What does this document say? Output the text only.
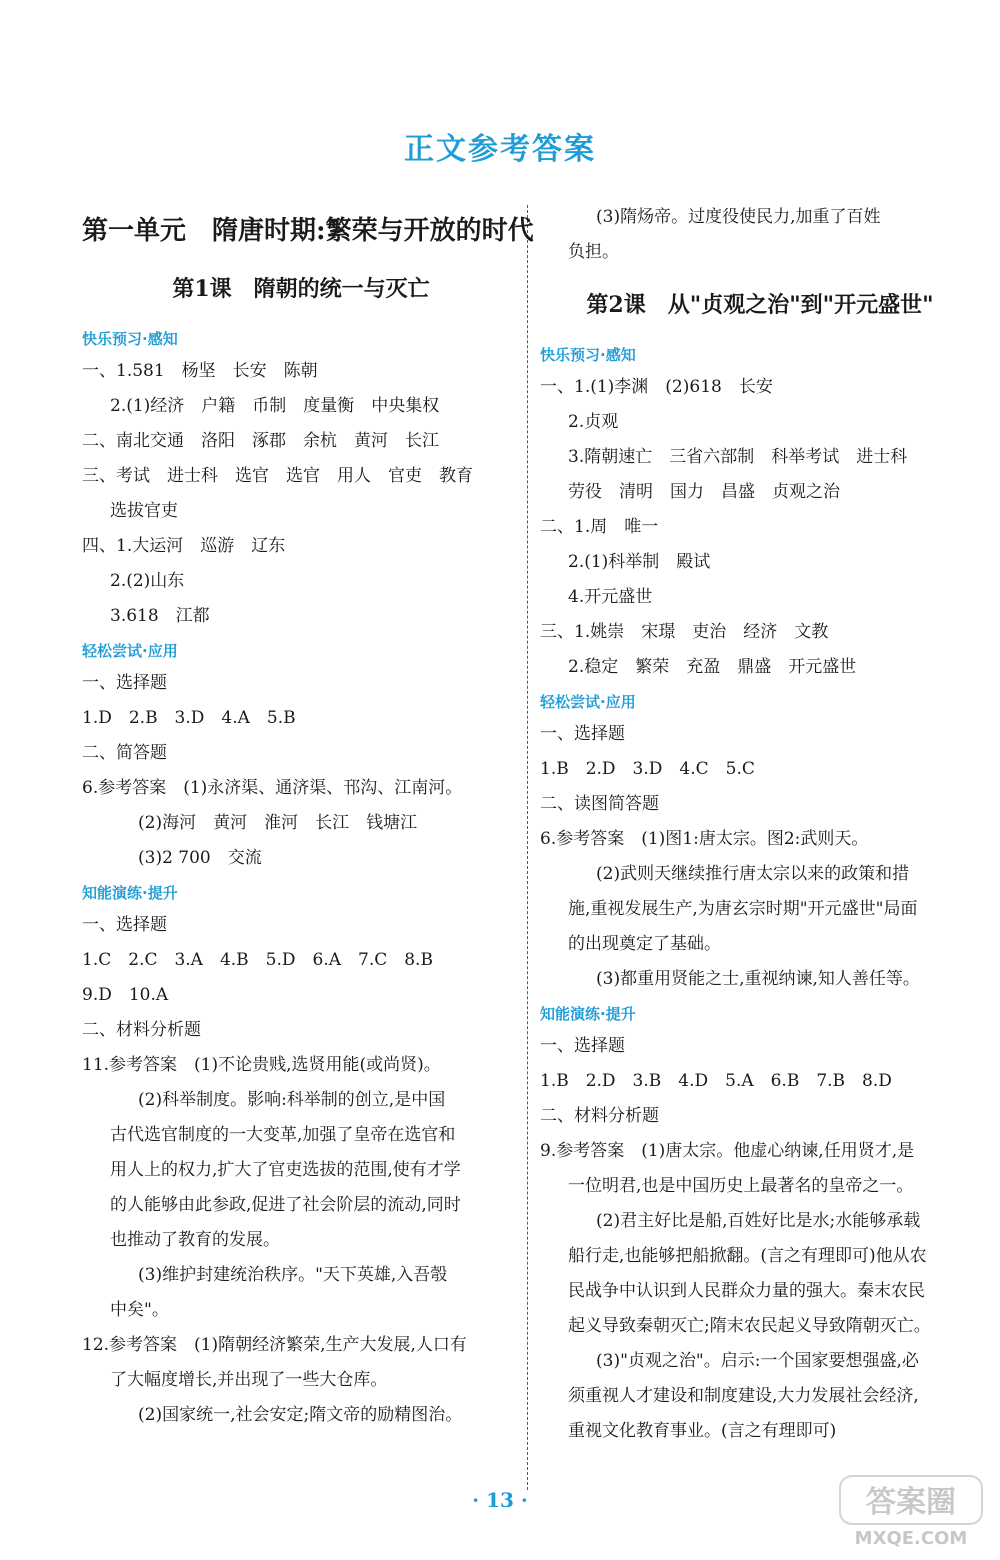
正文参考答案
第一单元　隋唐时期:繁荣与开放的时代
第1课　隋朝的统一与灭亡
快乐预习·感知
一、1.581　杨坚　长安　陈朝
2.(1)经济　户籍　币制　度量衡　中央集权
二、南北交通　洛阳　涿郡　余杭　黄河　长江
三、考试　进士科　选官　选官　用人　官吏　教育
选拔官吏
四、1.大运河　巡游　辽东
2.(2)山东
3.618　江都
轻松尝试·应用
一、选择题
1.D　2.B　3.D　4.A　5.B
二、简答题
6.参考答案　(1)永济渠、通济渠、邗沟、江南河。
(2)海河　黄河　淮河　长江　钱塘江
(3)2 700　交流
知能演练·提升
一、选择题
1.C　2.C　3.A　4.B　5.D　6.A　7.C　8.B
9.D　10.A
二、材料分析题
11.参考答案　(1)不论贵贱,选贤用能(或尚贤)。
(2)科举制度。影响:科举制的创立,是中国
古代选官制度的一大变革,加强了皇帝在选官和
用人上的权力,扩大了官吏选拔的范围,使有才学
的人能够由此参政,促进了社会阶层的流动,同时
也推动了教育的发展。
(3)维护封建统治秩序。"天下英雄,入吾彀
中矣"。
12.参考答案　(1)隋朝经济繁荣,生产大发展,人口有
了大幅度增长,并出现了一些大仓库。
(2)国家统一,社会安定;隋文帝的励精图治。
(3)隋炀帝。过度役使民力,加重了百姓
负担。
第2课　从"贞观之治"到"开元盛世"
快乐预习·感知
一、1.(1)李渊　(2)618　长安
2.贞观
3.隋朝速亡　三省六部制　科举考试　进士科
劳役　清明　国力　昌盛　贞观之治
二、1.周　唯一
2.(1)科举制　殿试
4.开元盛世
三、1.姚崇　宋璟　吏治　经济　文教
2.稳定　繁荣　充盈　鼎盛　开元盛世
轻松尝试·应用
一、选择题
1.B　2.D　3.D　4.C　5.C
二、读图简答题
6.参考答案　(1)图1:唐太宗。图2:武则天。
(2)武则天继续推行唐太宗以来的政策和措
施,重视发展生产,为唐玄宗时期"开元盛世"局面
的出现奠定了基础。
(3)都重用贤能之士,重视纳谏,知人善任等。
知能演练·提升
一、选择题
1.B　2.D　3.B　4.D　5.A　6.B　7.B　8.D
二、材料分析题
9.参考答案　(1)唐太宗。他虚心纳谏,任用贤才,是
一位明君,也是中国历史上最著名的皇帝之一。
(2)君主好比是船,百姓好比是水;水能够承载
船行走,也能够把船掀翻。(言之有理即可)他从农
民战争中认识到人民群众力量的强大。秦末农民
起义导致秦朝灭亡;隋末农民起义导致隋朝灭亡。
(3)"贞观之治"。启示:一个国家要想强盛,必
须重视人才建设和制度建设,大力发展社会经济,
重视文化教育事业。(言之有理即可)
· 13 ·	答案圈
MXQE.COM
